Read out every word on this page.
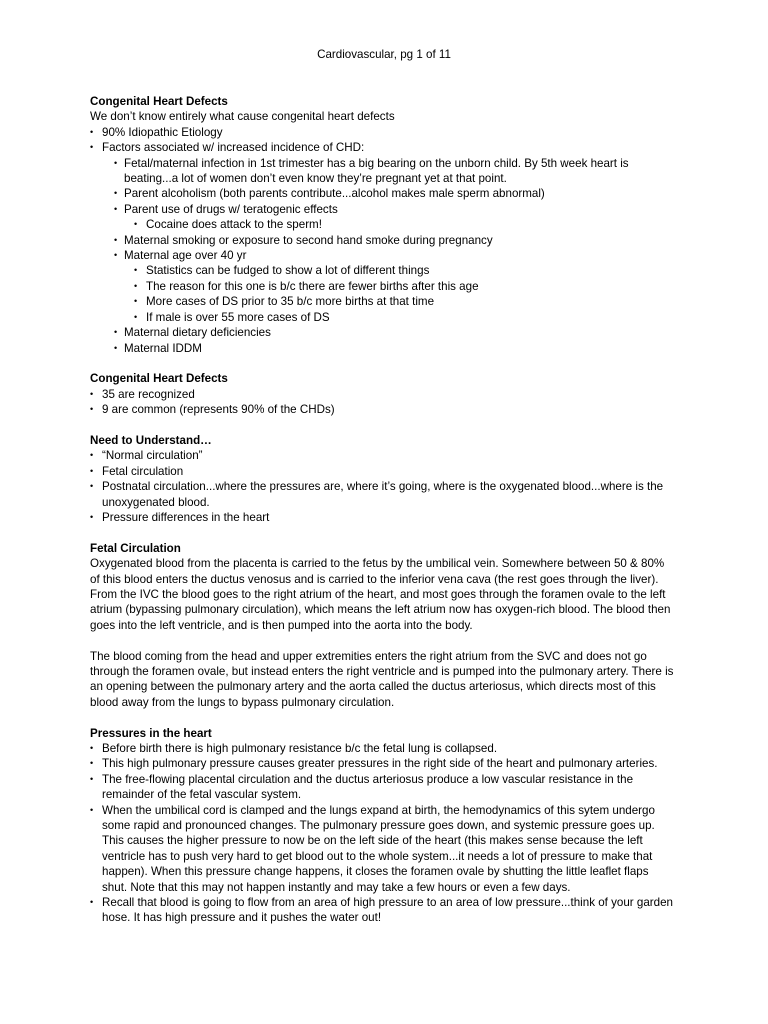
Cardiovascular, pg 1 of 11
Congenital Heart Defects
We don’t know entirely what cause congenital heart defects
• 90% Idiopathic Etiology
• Factors associated w/ increased incidence of CHD:
• Fetal/maternal infection in 1st trimester has a big bearing on the unborn child. By 5th week heart is beating...a lot of women don’t even know they’re pregnant yet at that point.
• Parent alcoholism (both parents contribute...alcohol makes male sperm abnormal)
• Parent use of drugs w/ teratogenic effects
• Cocaine does attack to the sperm!
• Maternal smoking or exposure to second hand smoke during pregnancy
• Maternal age over 40 yr
• Statistics can be fudged to show a lot of different things
• The reason for this one is b/c there are fewer births after this age
• More cases of DS prior to 35 b/c more births at that time
• If male is over 55 more cases of DS
• Maternal dietary deficiencies
• Maternal IDDM
Congenital Heart Defects
• 35 are recognized
• 9 are common (represents 90% of the CHDs)
Need to Understand…
• “Normal circulation”
• Fetal circulation
• Postnatal circulation...where the pressures are, where it’s going, where is the oxygenated blood...where is the unoxygenated blood.
• Pressure differences in the heart
Fetal Circulation

Oxygenated blood from the placenta is carried to the fetus by the umbilical vein. Somewhere between 50 & 80% of this blood enters the ductus venosus and is carried to the inferior vena cava (the rest goes through the liver). From the IVC the blood goes to the right atrium of the heart, and most goes through the foramen ovale to the left atrium (bypassing pulmonary circulation), which means the left atrium now has oxygen-rich blood. The blood then goes into the left ventricle, and is then pumped into the aorta into the body.

The blood coming from the head and upper extremities enters the right atrium from the SVC and does not go through the foramen ovale, but instead enters the right ventricle and is pumped into the pulmonary artery. There is an opening between the pulmonary artery and the aorta called the ductus arteriosus, which directs most of this blood away from the lungs to bypass pulmonary circulation.

Pressures in the heart
• Before birth there is high pulmonary resistance b/c the fetal lung is collapsed.
• This high pulmonary pressure causes greater pressures in the right side of the heart and pulmonary arteries.
• The free-flowing placental circulation and the ductus arteriosus produce a low vascular resistance in the remainder of the fetal vascular system.
• When the umbilical cord is clamped and the lungs expand at birth, the hemodynamics of this sytem undergo some rapid and pronounced changes. The pulmonary pressure goes down, and systemic pressure goes up. This causes the higher pressure to now be on the left side of the heart (this makes sense because the left ventricle has to push very hard to get blood out to the whole system...it needs a lot of pressure to make that happen). When this pressure change happens, it closes the foramen ovale by shutting the little leaflet flaps shut. Note that this may not happen instantly and may take a few hours or even a few days.
• Recall that blood is going to flow from an area of high pressure to an area of low pressure...think of your garden hose. It has high pressure and it pushes the water out!
